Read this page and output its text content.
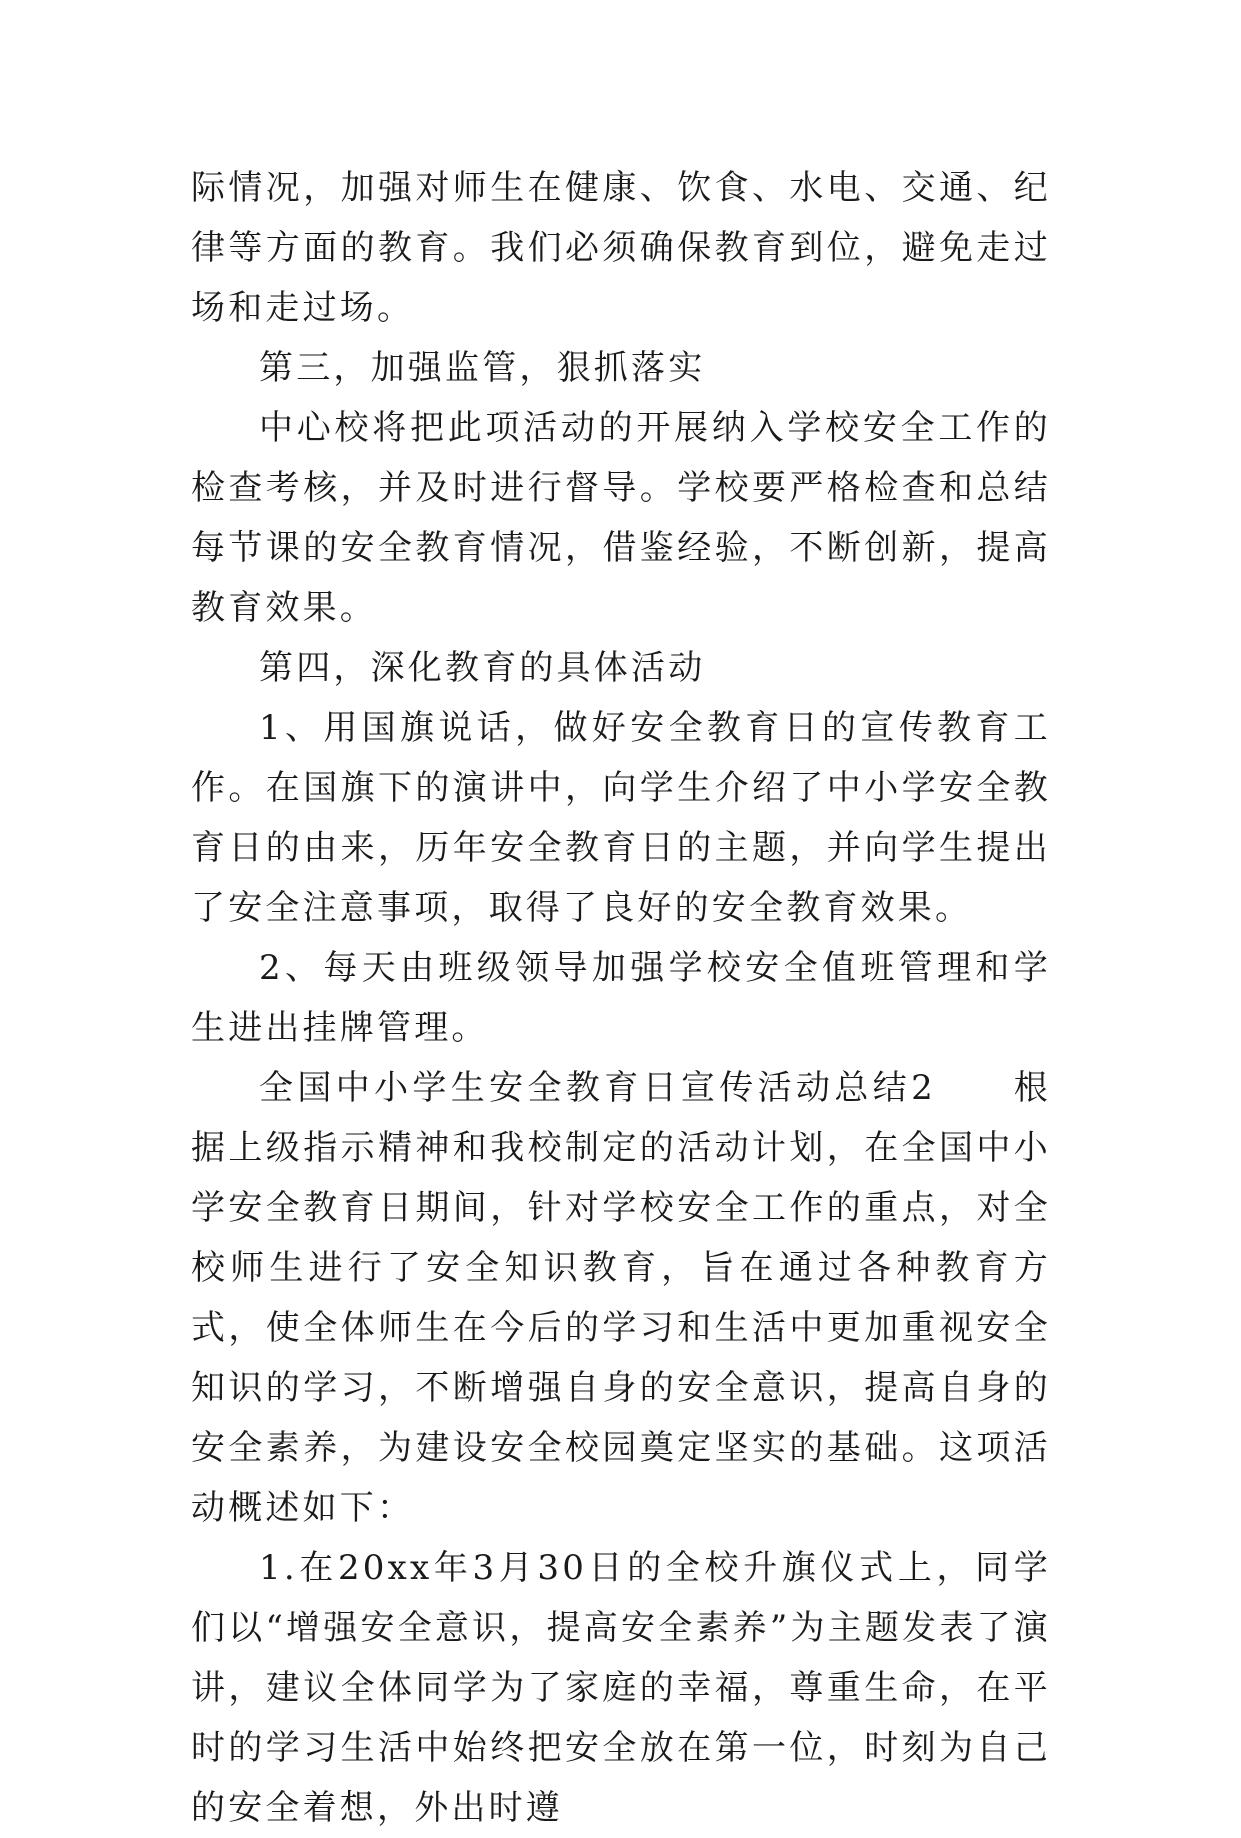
际情况，加强对师生在健康、饮食、水电、交通、纪律等方面的教育。我们必须确保教育到位，避免走过场和走过场。

第三，加强监管，狠抓落实

中心校将把此项活动的开展纳入学校安全工作的检查考核，并及时进行督导。学校要严格检查和总结每节课的安全教育情况，借鉴经验，不断创新，提高教育效果。

第四，深化教育的具体活动

1、用国旗说话，做好安全教育日的宣传教育工作。在国旗下的演讲中，向学生介绍了中小学安全教育日的由来，历年安全教育日的主题，并向学生提出了安全注意事项，取得了良好的安全教育效果。

2、每天由班级领导加强学校安全值班管理和学生进出挂牌管理。

全国中小学生安全教育日宣传活动总结2　　根据上级指示精神和我校制定的活动计划，在全国中小学安全教育日期间，针对学校安全工作的重点，对全校师生进行了安全知识教育，旨在通过各种教育方式，使全体师生在今后的学习和生活中更加重视安全知识的学习，不断增强自身的安全意识，提高自身的安全素养，为建设安全校园奠定坚实的基础。这项活动概述如下：

1.在20xx年3月30日的全校升旗仪式上，同学们以“增强安全意识，提高安全素养”为主题发表了演讲，建议全体同学为了家庭的幸福，尊重生命，在平时的学习生活中始终把安全放在第一位，时刻为自己的安全着想，外出时遵
